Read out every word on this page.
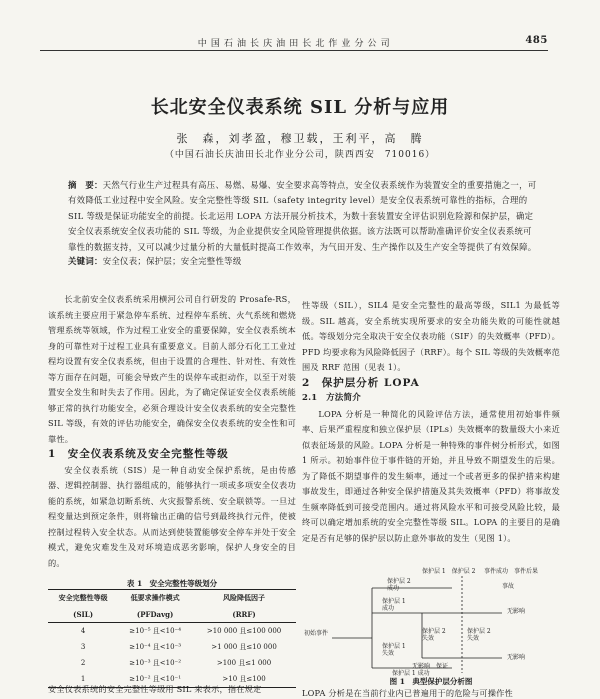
中 国 石 油 长 庆 油 田 长 北 作 业 分 公 司	485
长北安全仪表系统 SIL 分析与应用
张　森，刘孝盈，穆卫载，王利平，高　腾
（中国石油长庆油田长北作业分公司，陕西西安　710016）
摘　要：天然气行业生产过程具有高压、易燃、易爆、安全要求高等特点，安全仪表系统作为装置安全的重要措施之一，可有效降低工业过程中安全风险。安全完整性等级 SIL（safety integrity level）是安全仪表系统可靠性的指标，合理的 SIL 等级是保证功能安全的前提。长北运用 LOPA 方法开展分析技术，为数十套装置安全评估识别危险源和保护层，确定安全仪表系统安全仪表功能的 SIL 等级，为企业提供安全风险管理提供依据。该方法既可以帮助准确评价安全仪表系统可靠性的数据支持，又可以减少过量分析的大量低时提高工作效率，为气田开发、生产操作以及生产安全等提供了有效保障。
关键词：安全仪表；保护层；安全完整性等级

长北前安全仪表系统采用横河公司自行研发的 Prosafe-RS，该系统主要应用于紧急停车系统、过程停车系统、火气系统和燃烧管理系统等领域，作为过程工业安全的重要保障，安全仪表系统本身的可靠性对于过程工业具有重要意义。目前人部分石化工工业过程均设置有安全仪表系统，但由于设置的合理性、针对性、有效性等方面存在问题，可能会导致产生的误停车或拒动作，以至于对装置安全发生和时失去了作用。因此，为了确定保证安全仪表系统能够正常的执行功能安全，必须合理设计安全仪表系统的安全完整性 SIL 等级，有效的评估功能安全，确保安全仪表系统的安全性和可靠性。

1　安全仪表系统及安全完整性等级

安全仪表系统（SIS）是一种自动安全保护系统，是由传感器、逻辑控制器、执行器组成的，能够执行一项或多项安全仪表功能的系统，如紧急切断系统、火灾报警系统、安全联锁等。一旦过程变量达到预定条件，则将输出正确的信号到最终执行元件，使被控制过程转入安全状态。从而达到使装置能够安全停车并处于安全模式，避免灾难发生及对环境造成恶劣影响，保护人身安全的目的。

表 1　安全完整性等级划分
安全完整性等级	低要求操作模式	风险降低因子
(SIL)	(PFDavg)	(RRF)
4	≥10⁻⁵ 且<10⁻⁴	>10 000 且≤100 000
3	≥10⁻⁴ 且<10⁻³	>1 000 且≤10 000
2	≥10⁻³ 且<10⁻²	>100 且≤1 000
1	≥10⁻² 且<10⁻¹	>10 且≤100
安全仪表系统的安全完整性等级用 SIL 来表示，指在规定

性等级（SIL），SIL4 是安全完整性的最高等级，SIL1 为最低等级。SIL 越高，安全系统实现所要求的安全功能失败的可能性就越低。等级划分完全取决于安全仪表功能（SIF）的失效概率（PFD）。PFD 均要求称为风险降低因子（RRF）。每个 SIL 等级的失效概率范围及 RRF 范围（见表 1）。

2　保护层分析 LOPA

2.1　方法简介

LOPA 分析是一种简化的风险评估方法，通常使用初始事件频率、后果严重程度和独立保护层（IPLs）失效概率的数量级大小来近似表征场景的风险。LOPA 分析是一种特殊的事件树分析形式，如图 1 所示。初始事件位于事件链的开始，并且导致不期望发生的后果。为了降低不期望事件的发生频率，通过一个或者更多的保护措来构建事故发生，即通过各种安全保护措施及其失效概率（PFD）将事故发生频率降低到可接受范围内。通过将风险水平和可接受风险比较，最终可以确定增加系统的安全完整性等级 SIL。LOPA 的主要目的是确定是否有足够的保护层以防止意外事故的发生（见图 1）。

保护层 1　保护层 2 事件成功　事件后果
保护层 2
成功
保护层 1
成功
初始事件
无影响
无影响
保护层 2
失效
保护层 1
失效
无影响　保证
事故
保护层 1 成功
保护层 2
失效
图 1　典型保护层分析图
LOPA 分析是在当前行业内已普遍用于的危险与可操作性
